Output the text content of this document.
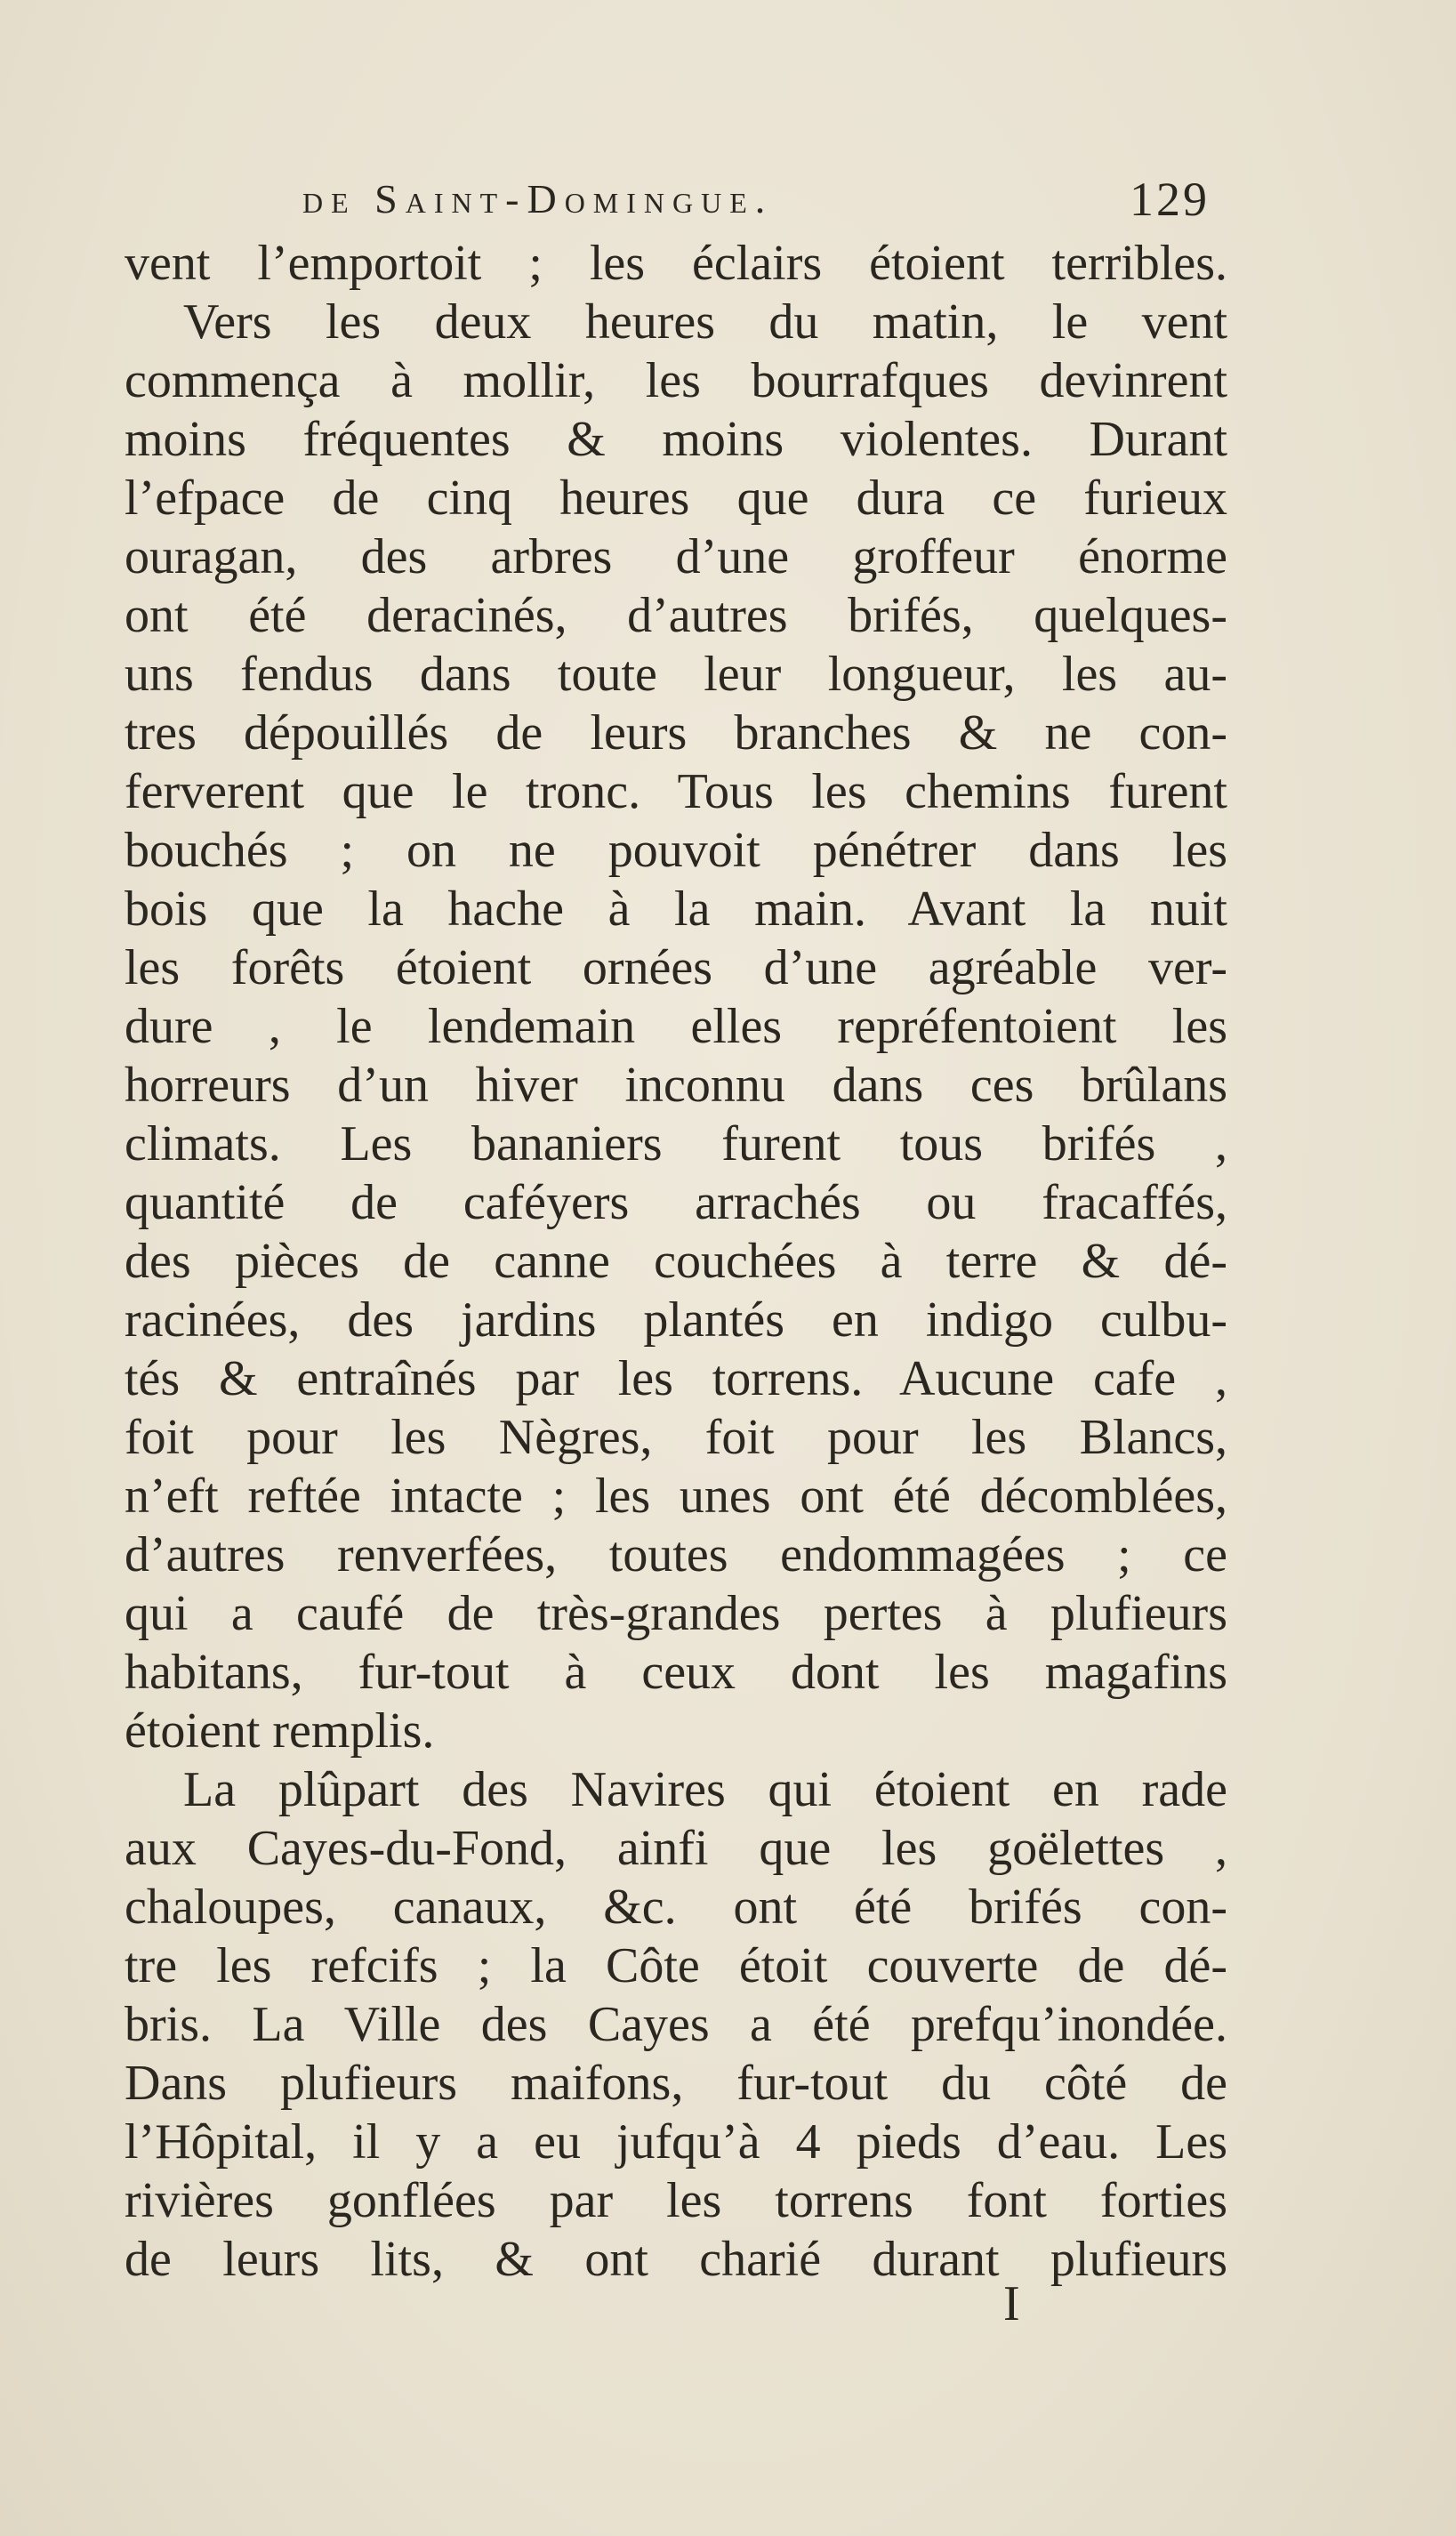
de Saint-Domingue.	129
vent l’emportoit ; les éclairs étoient terribles.
Vers les deux heures du matin, le vent
commença à mollir, les bourrafques devinrent
moins fréquentes & moins violentes. Durant
l’efpace de cinq heures que dura ce furieux
ouragan, des arbres d’une groffeur énorme
ont été deracinés, d’autres brifés, quelques-
uns fendus dans toute leur longueur, les au-
tres dépouillés de leurs branches & ne con-
ferverent que le tronc. Tous les chemins furent
bouchés ; on ne pouvoit pénétrer dans les
bois que la hache à la main. Avant la nuit
les forêts étoient ornées d’une agréable ver-
dure , le lendemain elles repréfentoient les
horreurs d’un hiver inconnu dans ces brûlans
climats. Les bananiers furent tous brifés ,
quantité de caféyers arrachés ou fracaffés,
des pièces de canne couchées à terre & dé-
racinées, des jardins plantés en indigo culbu-
tés & entraînés par les torrens. Aucune cafe ,
foit pour les Nègres, foit pour les Blancs,
n’eft reftée intacte ; les unes ont été décomblées,
d’autres renverfées, toutes endommagées ; ce
qui a caufé de très-grandes pertes à plufieurs
habitans, fur-tout à ceux dont les magafins
étoient remplis.
La plûpart des Navires qui étoient en rade
aux Cayes-du-Fond, ainfi que les goëlettes ,
chaloupes, canaux, &c. ont été brifés con-
tre les refcifs ; la Côte étoit couverte de dé-
bris. La Ville des Cayes a été prefqu’inondée.
Dans plufieurs maifons, fur-tout du côté de
l’Hôpital, il y a eu jufqu’à 4 pieds d’eau. Les
rivières gonflées par les torrens font forties
de leurs lits, & ont charié durant plufieurs
I
